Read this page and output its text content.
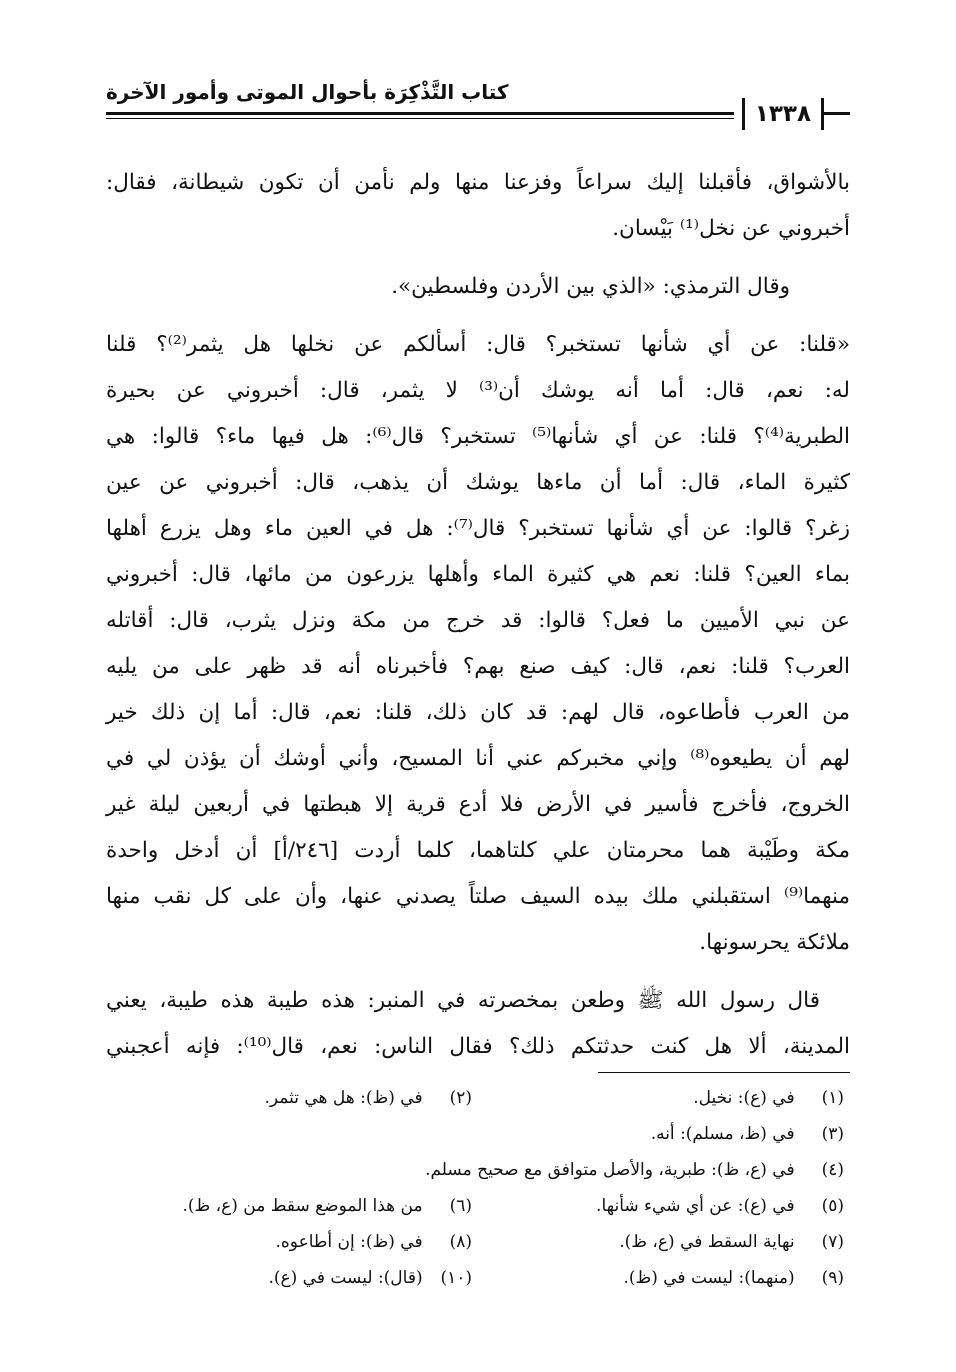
كتاب التَّذْكِرَة بأحوال الموتى وأمور الآخرة
١٣٣٨

بالأشواق، فأقبلنا إليك سراعاً وفزعنا منها ولم نأمن أن تكون شيطانة، فقال:
أخبروني عن نخل⁽¹⁾ بَيْسان.

وقال الترمذي: «الذي بين الأردن وفلسطين».

«قلنا: عن أي شأنها تستخبر؟ قال: أسألكم عن نخلها هل يثمر⁽²⁾؟ قلنا
له: نعم، قال: أما أنه يوشك أن⁽³⁾ لا يثمر، قال: أخبروني عن بحيرة
الطبرية⁽⁴⁾؟ قلنا: عن أي شأنها⁽⁵⁾ تستخبر؟ قال⁽⁶⁾: هل فيها ماء؟ قالوا: هي
كثيرة الماء، قال: أما أن ماءها يوشك أن يذهب، قال: أخبروني عن عين
زغر؟ قالوا: عن أي شأنها تستخبر؟ قال⁽⁷⁾: هل في العين ماء وهل يزرع أهلها
بماء العين؟ قلنا: نعم هي كثيرة الماء وأهلها يزرعون من مائها، قال: أخبروني
عن نبي الأميين ما فعل؟ قالوا: قد خرج من مكة ونزل يثرب، قال: أقاتله
العرب؟ قلنا: نعم، قال: كيف صنع بهم؟ فأخبرناه أنه قد ظهر على من يليه
من العرب فأطاعوه، قال لهم: قد كان ذلك، قلنا: نعم، قال: أما إن ذلك خير
لهم أن يطيعوه⁽⁸⁾ وإني مخبركم عني أنا المسيح، وأني أوشك أن يؤذن لي في
الخروج، فأخرج فأسير في الأرض فلا أدع قرية إلا هبطتها في أربعين ليلة غير
مكة وطَيْبة هما محرمتان علي كلتاهما، كلما أردت [٢٤٦/أ] أن أدخل واحدة
منهما⁽⁹⁾ استقبلني ملك بيده السيف صلتاً يصدني عنها، وأن على كل نقب منها
ملائكة يحرسونها.

قال رسول الله ﷺ وطعن بمخصرته في المنبر: هذه طيبة هذه طيبة، يعني
المدينة، ألا هل كنت حدثتكم ذلك؟ فقال الناس: نعم، قال⁽¹⁰⁾: فإنه أعجبني

(١) في (ع): نخيل.
(٢) في (ظ): هل هي تثمر.
(٣) في (ظ، مسلم): أنه.
(٤) في (ع، ظ): طبرية، والأصل متوافق مع صحيح مسلم.
(٥) في (ع): عن أي شيء شأنها.
(٦) من هذا الموضع سقط من (ع، ظ).
(٧) نهاية السقط في (ع، ظ).
(٨) في (ظ): إن أطاعوه.
(٩) (منهما): ليست في (ظ).
(١٠) (قال): ليست في (ع).
